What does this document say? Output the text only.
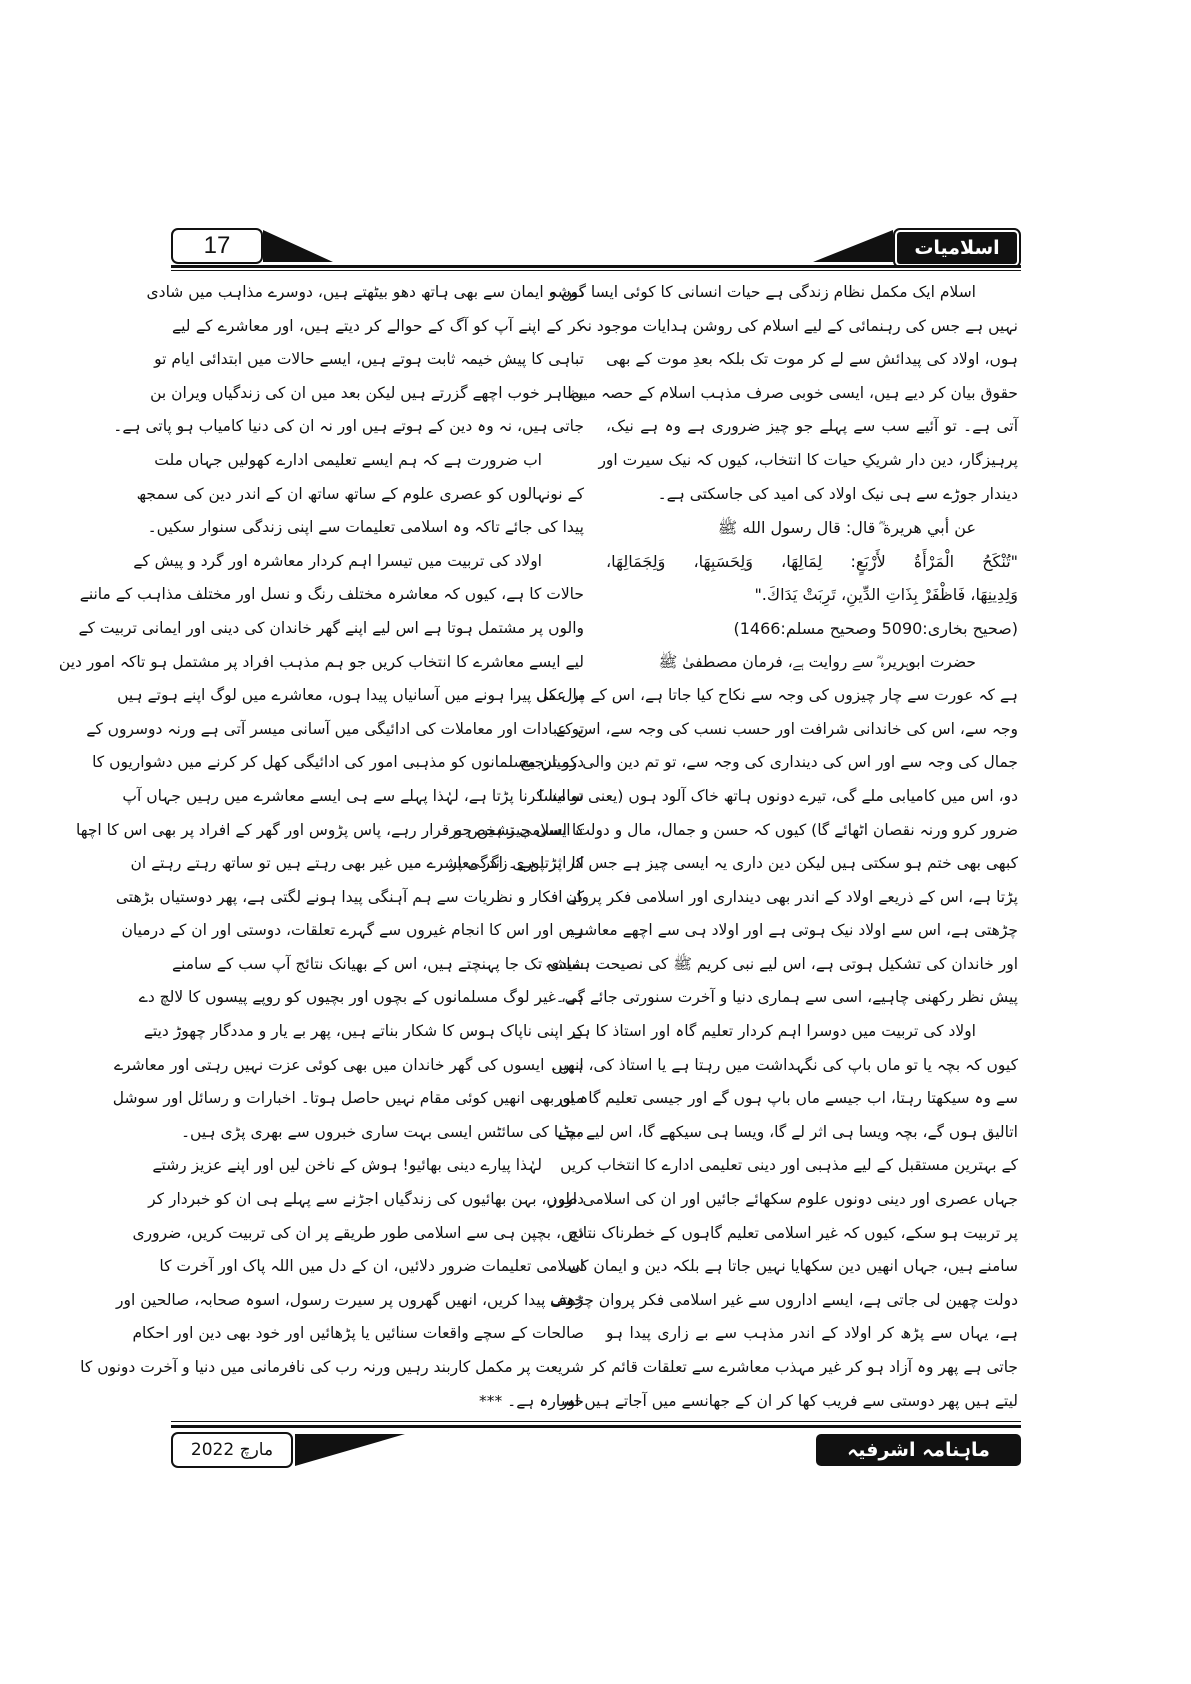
17	اسلامیات
اسلام ایک مکمل نظام زندگی ہے حیات انسانی کا کوئی ایسا گوشہ
نہیں ہے جس کی رہنمائی کے لیے اسلام کی روشن ہدایات موجود نہ
ہوں، اولاد کی پیدائش سے لے کر موت تک بلکہ بعدِ موت کے بھی
حقوق بیان کر دیے ہیں، ایسی خوبی صرف مذہب اسلام کے حصہ میں
آتی ہے۔ تو آئیے سب سے پہلے جو چیز ضروری ہے وہ ہے نیک،
پرہیزگار، دین دار شریکِ حیات کا انتخاب، کیوں کہ نیک سیرت اور
دیندار جوڑے سے ہی نیک اولاد کی امید کی جاسکتی ہے۔
عن أبي هريرة ؓ قال: قال رسول الله ﷺ
"تُنْكَحُ الْمَرْأَةُ لأَرْبَعٍ: لِمَالِهَا، وَلِحَسَبِهَا، وَلِجَمَالِهَا،
وَلِدِينِهَا، فَاظْفَرْ بِذَاتِ الدِّينِ، تَرِبَتْ يَدَاكَ."
(صحیح بخاری:5090 وصحیح مسلم:1466)
حضرت ابوہریرہ ؓ سے روایت ہے، فرمان مصطفیٰ ﷺ
ہے کہ عورت سے چار چیزوں کی وجہ سے نکاح کیا جاتا ہے، اس کے مال کی
وجہ سے، اس کی خاندانی شرافت اور حسب نسب کی وجہ سے، اس کے
جمال کی وجہ سے اور اس کی دینداری کی وجہ سے، تو تم دین والی کو ترجیح
دو، اس میں کامیابی ملے گی، تیرے دونوں ہاتھ خاک آلود ہوں (یعنی تو ایسا
ضرور کرو ورنہ نقصان اٹھائے گا) کیوں کہ حسن و جمال، مال و دولت ایسی چیز ہیں جو
کبھی بھی ختم ہو سکتی ہیں لیکن دین داری یہ ایسی چیز ہے جس کا اثر پوری زندگی پر
پڑتا ہے، اس کے ذریعے اولاد کے اندر بھی دینداری اور اسلامی فکر پروان
چڑھتی ہے، اس سے اولاد نیک ہوتی ہے اور اولاد ہی سے اچھے معاشرے
اور خاندان کی تشکیل ہوتی ہے، اس لیے نبی کریم ﷺ کی نصیحت ہمیشہ
پیش نظر رکھنی چاہیے، اسی سے ہماری دنیا و آخرت سنورتی جائے گی۔
اولاد کی تربیت میں دوسرا اہم کردار تعلیم گاہ اور استاذ کا ہے
کیوں کہ بچہ یا تو ماں باپ کی نگہداشت میں رہتا ہے یا استاذ کی، انھیں
سے وہ سیکھتا رہتا، اب جیسے ماں باپ ہوں گے اور جیسی تعلیم گاہ اور
اتالیق ہوں گے، بچہ ویسا ہی اثر لے گا، ویسا ہی سیکھے گا، اس لیے بچے
کے بہترین مستقبل کے لیے مذہبی اور دینی تعلیمی ادارے کا انتخاب کریں
جہاں عصری اور دینی دونوں علوم سکھائے جائیں اور ان کی اسلامی طرز
پر تربیت ہو سکے، کیوں کہ غیر اسلامی تعلیم گاہوں کے خطرناک نتائج
سامنے ہیں، جہاں انھیں دین سکھایا نہیں جاتا ہے بلکہ دین و ایمان کی
دولت چھین لی جاتی ہے، ایسے اداروں سے غیر اسلامی فکر پروان چڑھتی
ہے، یہاں سے پڑھ کر اولاد کے اندر مذہب سے بے زاری پیدا ہو
جاتی ہے پھر وہ آزاد ہو کر غیر مہذب معاشرے سے تعلقات قائم کر
لیتے ہیں پھر دوستی سے فریب کھا کر ان کے جھانسے میں آجاتے ہیں اور
دین و ایمان سے بھی ہاتھ دھو بیٹھتے ہیں، دوسرے مذاہب میں شادی
کر کے اپنے آپ کو آگ کے حوالے کر دیتے ہیں، اور معاشرے کے لیے
تباہی کا پیش خیمہ ثابت ہوتے ہیں، ایسے حالات میں ابتدائی ایام تو
بظاہر خوب اچھے گزرتے ہیں لیکن بعد میں ان کی زندگیاں ویران بن
جاتی ہیں، نہ وہ دین کے ہوتے ہیں اور نہ ان کی دنیا کامیاب ہو پاتی ہے۔
اب ضرورت ہے کہ ہم ایسے تعلیمی ادارے کھولیں جہاں ملت
کے نونہالوں کو عصری علوم کے ساتھ ساتھ ان کے اندر دین کی سمجھ
پیدا کی جائے تاکہ وہ اسلامی تعلیمات سے اپنی زندگی سنوار سکیں۔
اولاد کی تربیت میں تیسرا اہم کردار معاشرہ اور گرد و پیش کے
حالات کا ہے، کیوں کہ معاشرہ مختلف رنگ و نسل اور مختلف مذاہب کے ماننے
والوں پر مشتمل ہوتا ہے اس لیے اپنے گھر خاندان کی دینی اور ایمانی تربیت کے
لیے ایسے معاشرے کا انتخاب کریں جو ہم مذہب افراد پر مشتمل ہو تاکہ امور دین
پر عمل پیرا ہونے میں آسانیاں پیدا ہوں، معاشرے میں لوگ اپنے ہوتے ہیں
تو عبادات اور معاملات کی ادائیگی میں آسانی میسر آتی ہے ورنہ دوسروں کے
درمیان مسلمانوں کو مذہبی امور کی ادائیگی کھل کر کرنے میں دشواریوں کا
سامنا کرنا پڑتا ہے، لہٰذا پہلے سے ہی ایسے معاشرے میں رہیں جہاں آپ
کا اسلامی تشخص برقرار رہے، پاس پڑوس اور گھر کے افراد پر بھی اس کا اچھا
اثر پڑتا ہے۔ اگر معاشرے میں غیر بھی رہتے ہیں تو ساتھ رہتے رہتے ان
کے افکار و نظریات سے ہم آہنگی پیدا ہونے لگتی ہے، پھر دوستیاں بڑھتی
ہیں اور اس کا انجام غیروں سے گہرے تعلقات، دوستی اور ان کے درمیان
شادی تک جا پہنچتے ہیں، اس کے بھیانک نتائج آپ سب کے سامنے
ہے، غیر لوگ مسلمانوں کے بچوں اور بچیوں کو روپے پیسوں کا لالچ دے
کر اپنی ناپاک ہوس کا شکار بناتے ہیں، پھر بے یار و مددگار چھوڑ دیتے
ہیں۔ ایسوں کی گھر خاندان میں بھی کوئی عزت نہیں رہتی اور معاشرے
میں بھی انھیں کوئی مقام نہیں حاصل ہوتا۔ اخبارات و رسائل اور سوشل
میڈیا کی سائٹس ایسی بہت ساری خبروں سے بھری پڑی ہیں۔
لہٰذا پیارے دینی بھائیو! ہوش کے ناخن لیں اور اپنے عزیز رشتے
داروں، بہن بھائیوں کی زندگیاں اجڑنے سے پہلے ہی ان کو خبردار کر
دیں، بچپن ہی سے اسلامی طور طریقے پر ان کی تربیت کریں، ضروری
اسلامی تعلیمات ضرور دلائیں، ان کے دل میں اللہ پاک اور آخرت کا
خوف پیدا کریں، انھیں گھروں پر سیرت رسول، اسوہ صحابہ، صالحین اور
صالحات کے سچے واقعات سنائیں یا پڑھائیں اور خود بھی دین اور احکام
شریعت پر مکمل کاربند رہیں ورنہ رب کی نافرمانی میں دنیا و آخرت دونوں کا
خسارہ ہے۔ ***
مارچ 2022	ماہنامہ اشرفیہ
